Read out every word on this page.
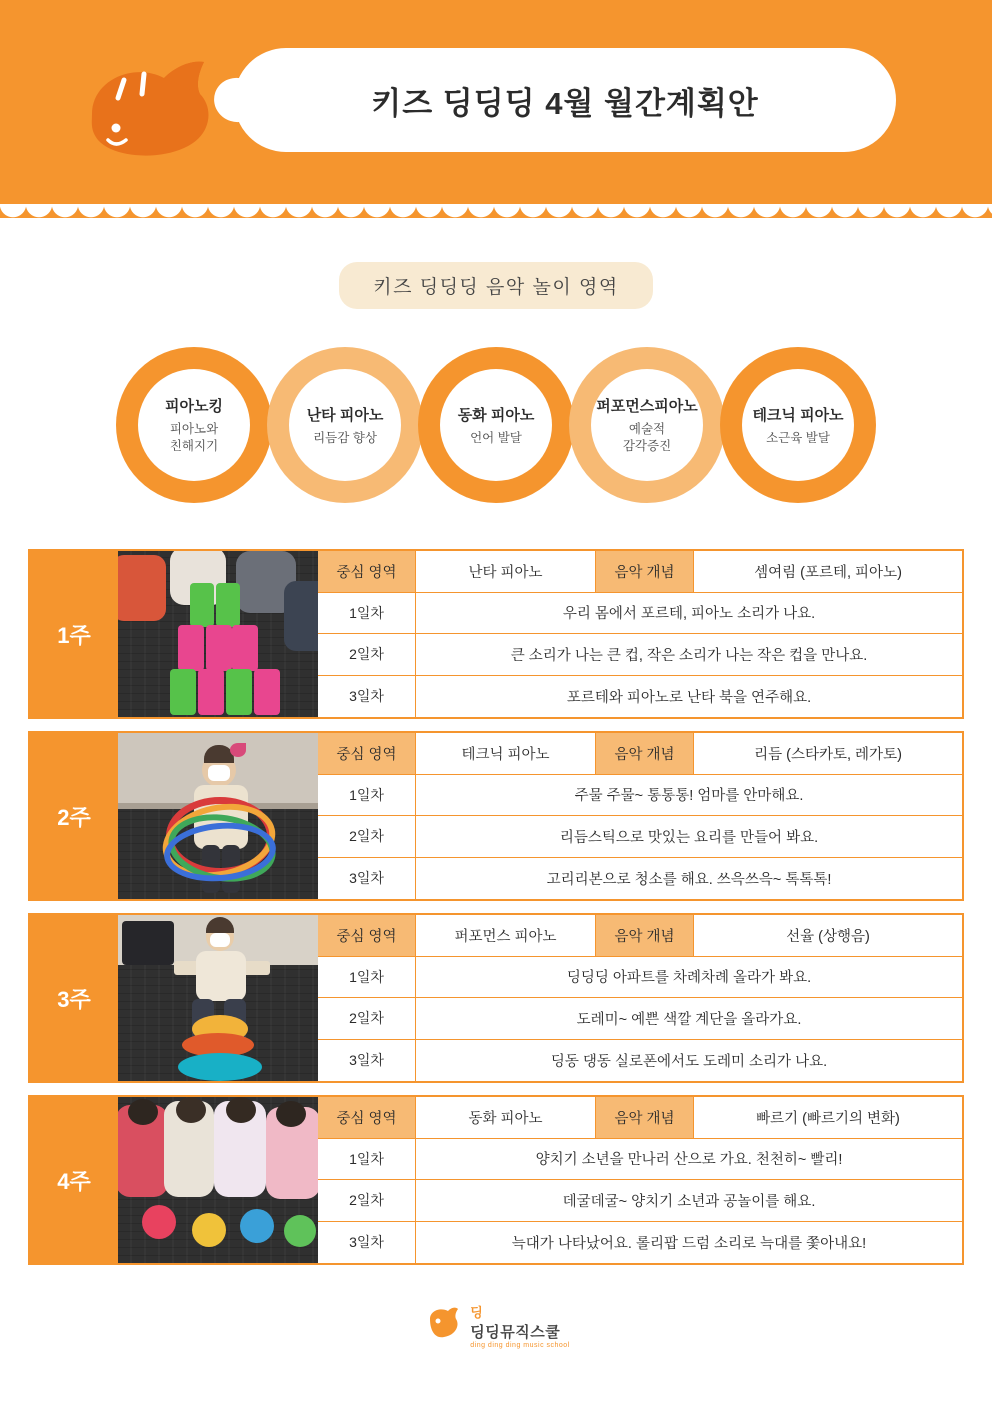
키즈 딩딩딩 4월 월간계획안
키즈 딩딩딩 음악 놀이 영역
피아노킹
피아노와
친해지기
난타 피아노
리듬감 향상
동화 피아노
언어 발달
퍼포먼스피아노
예술적
감각증진
테크닉 피아노
소근육 발달
1주
중심 영역	난타 피아노	음악 개념	셈여림 (포르테, 피아노)
1일차	우리 몸에서 포르테, 피아노 소리가 나요.
2일차	큰 소리가 나는 큰 컵, 작은 소리가 나는 작은 컵을 만나요.
3일차	포르테와 피아노로 난타 북을 연주해요.
2주
중심 영역	테크닉 피아노	음악 개념	리듬 (스타카토, 레가토)
1일차	주물 주물~ 통통통! 엄마를 안마해요.
2일차	리듬스틱으로 맛있는 요리를 만들어 봐요.
3일차	고리리본으로 청소를 해요. 쓰윽쓰윽~ 톡톡톡!
3주
중심 영역	퍼포먼스 피아노	음악 개념	선율 (상행음)
1일차	딩딩딩 아파트를 차례차례 올라가 봐요.
2일차	도레미~ 예쁜 색깔 계단을 올라가요.
3일차	딩동 댕동 실로폰에서도 도레미 소리가 나요.
4주
중심 영역	동화 피아노	음악 개념	빠르기 (빠르기의 변화)
1일차	양치기 소년을 만나러 산으로 가요. 천천히~ 빨리!
2일차	데굴데굴~ 양치기 소년과 공놀이를 해요.
3일차	늑대가 나타났어요. 롤리팝 드럼 소리로 늑대를 쫓아내요!
딩
딩딩뮤직스쿨
ding ding ding music school
